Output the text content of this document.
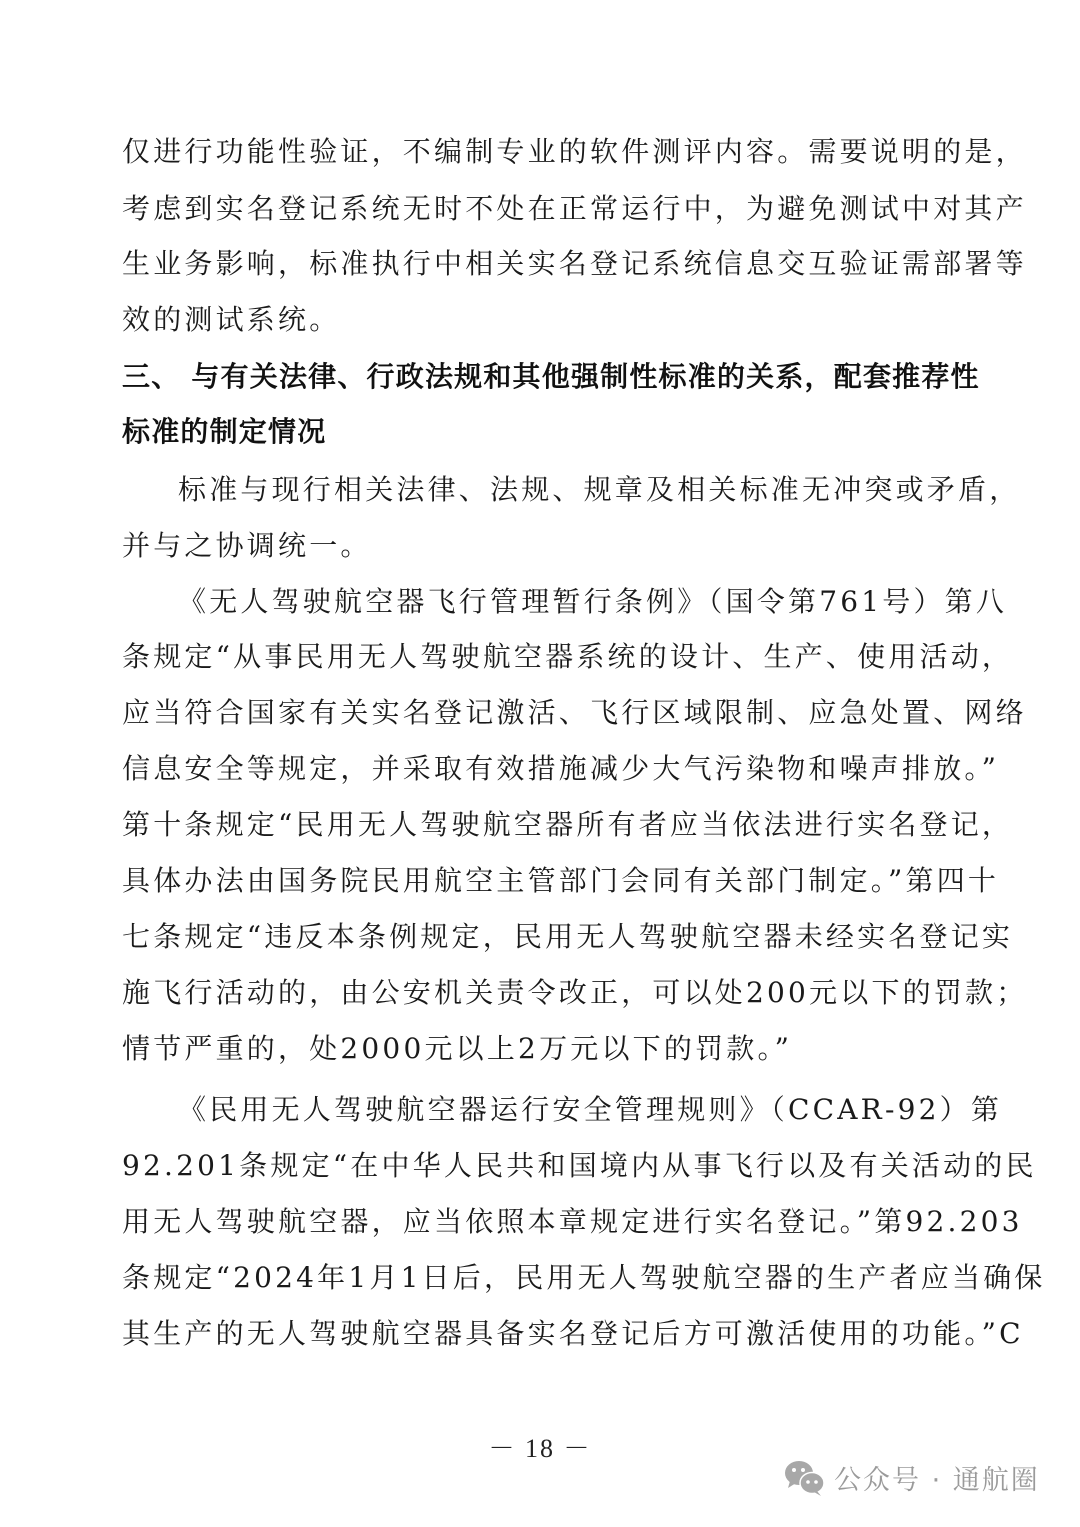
仅进行功能性验证，不编制专业的软件测评内容。需要说明的是，
考虑到实名登记系统无时不处在正常运行中，为避免测试中对其产
生业务影响，标准执行中相关实名登记系统信息交互验证需部署等
效的测试系统。
三、 与有关法律、行政法规和其他强制性标准的关系，配套推荐性
标准的制定情况
标准与现行相关法律、法规、规章及相关标准无冲突或矛盾，
并与之协调统一。
《无人驾驶航空器飞行管理暂行条例》（国令第761号）第八
条规定“从事民用无人驾驶航空器系统的设计、生产、使用活动，
应当符合国家有关实名登记激活、飞行区域限制、应急处置、网络
信息安全等规定，并采取有效措施减少大气污染物和噪声排放。”
第十条规定“民用无人驾驶航空器所有者应当依法进行实名登记，
具体办法由国务院民用航空主管部门会同有关部门制定。”第四十
七条规定“违反本条例规定，民用无人驾驶航空器未经实名登记实
施飞行活动的，由公安机关责令改正，可以处200元以下的罚款；
情节严重的，处2000元以上2万元以下的罚款。”
《民用无人驾驶航空器运行安全管理规则》（CCAR-92）第
92.201条规定“在中华人民共和国境内从事飞行以及有关活动的民
用无人驾驶航空器，应当依照本章规定进行实名登记。”第92.203
条规定“2024年1月1日后，民用无人驾驶航空器的生产者应当确保
其生产的无人驾驶航空器具备实名登记后方可激活使用的功能。”C
－ 18 －
公众号 · 通航圈
